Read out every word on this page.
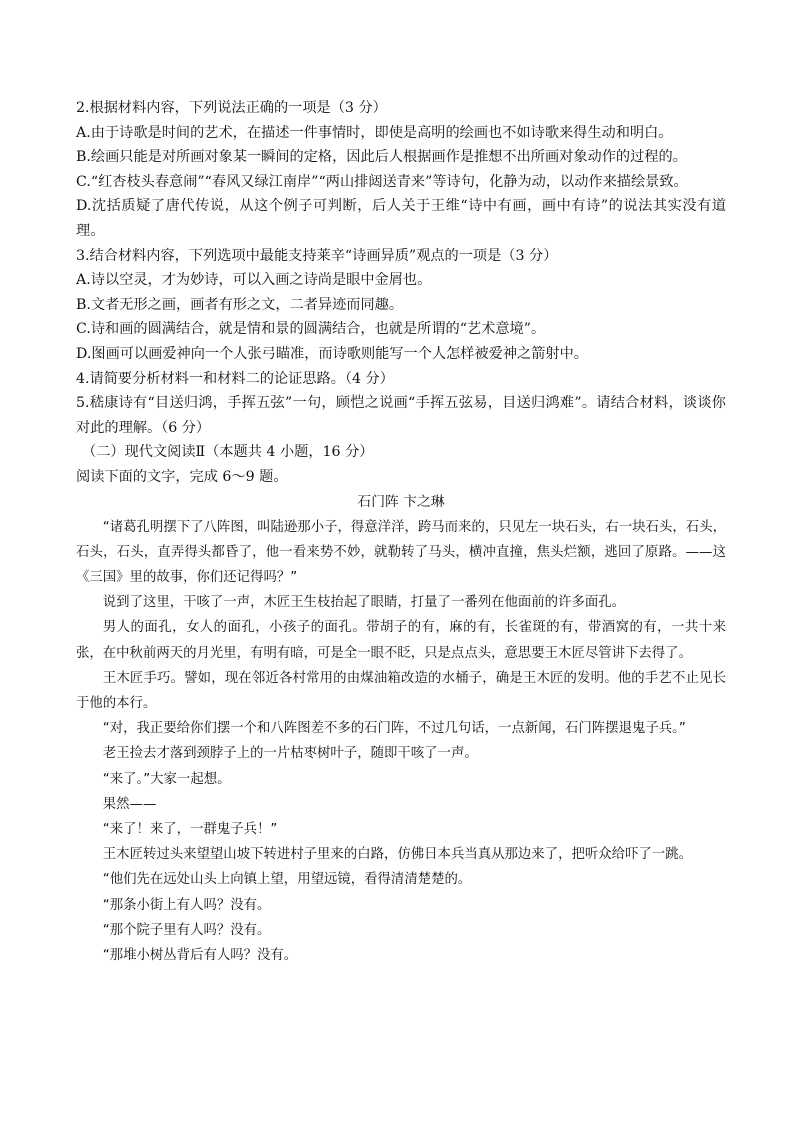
2.根据材料内容，下列说法正确的一项是（3 分）
A.由于诗歌是时间的艺术，在描述一件事情时，即使是高明的绘画也不如诗歌来得生动和明白。
B.绘画只能是对所画对象某一瞬间的定格，因此后人根据画作是推想不出所画对象动作的过程的。
C.“红杏枝头春意闹”“春风又绿江南岸”“两山排闼送青来”等诗句，化静为动，以动作来描绘景致。
D.沈括质疑了唐代传说，从这个例子可判断，后人关于王维“诗中有画，画中有诗”的说法其实没有道理。
3.结合材料内容，下列选项中最能支持莱辛“诗画异质”观点的一项是（3 分）
A.诗以空灵，才为妙诗，可以入画之诗尚是眼中金屑也。
B.文者无形之画，画者有形之文，二者异迹而同趣。
C.诗和画的圆满结合，就是情和景的圆满结合，也就是所谓的“艺术意境”。
D.图画可以画爱神向一个人张弓瞄准，而诗歌则能写一个人怎样被爱神之箭射中。
4.请简要分析材料一和材料二的论证思路。（4 分）
5.嵇康诗有“目送归鸿，手挥五弦”一句，顾恺之说画“手挥五弦易，目送归鸿难”。请结合材料，谈谈你对此的理解。（6 分）
（二）现代文阅读Ⅱ（本题共 4 小题，16 分）
阅读下面的文字，完成 6～9 题。
石门阵 卞之琳

“诸葛孔明摆下了八阵图，叫陆逊那小子，得意洋洋，跨马而来的，只见左一块石头，右一块石头，石头，石头，石头，直弄得头都昏了，他一看来势不妙，就勒转了马头，横冲直撞，焦头烂额，逃回了原路。——这《三国》里的故事，你们还记得吗？”

说到了这里，干咳了一声，木匠王生枝抬起了眼睛，打量了一番列在他面前的许多面孔。

男人的面孔，女人的面孔，小孩子的面孔。带胡子的有，麻的有，长雀斑的有，带酒窝的有，一共十来张，在中秋前两天的月光里，有明有暗，可是全一眼不眨，只是点点头，意思要王木匠尽管讲下去得了。

王木匠手巧。譬如，现在邻近各村常用的由煤油箱改造的水桶子，确是王木匠的发明。他的手艺不止见长于他的本行。

“对，我正要给你们摆一个和八阵图差不多的石门阵，不过几句话，一点新闻，石门阵摆退鬼子兵。”

老王捡去才落到颈脖子上的一片枯枣树叶子，随即干咳了一声。

“来了。”大家一起想。

果然——

“来了！来了，一群鬼子兵！”

王木匠转过头来望望山坡下转进村子里来的白路，仿佛日本兵当真从那边来了，把听众给吓了一跳。

“他们先在远处山头上向镇上望，用望远镜，看得清清楚楚的。

“那条小街上有人吗？没有。

“那个院子里有人吗？没有。

“那堆小树丛背后有人吗？没有。
